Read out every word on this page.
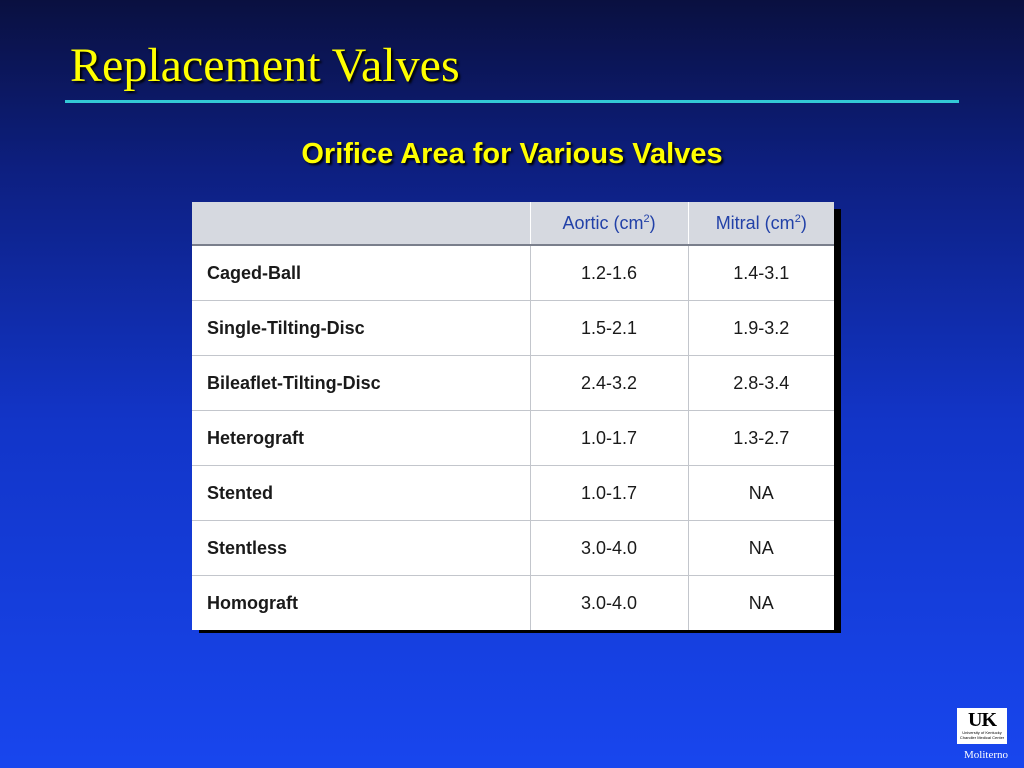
Replacement Valves
Orifice Area for Various Valves
	Aortic $(cm^2)$	Mitral $(cm^2)$
Caged-Ball	1.2-1.6	1.4-3.1
Single-Tilting-Disc	1.5-2.1	1.9-3.2
Bileaflet-Tilting-Disc	2.4-3.2	2.8-3.4
Heterograft	1.0-1.7	1.3-2.7
Stented	1.0-1.7	NA
Stentless	3.0-4.0	NA
Homograft	3.0-4.0	NA
UK
University of Kentucky Chandler Medical Center
Moliterno
